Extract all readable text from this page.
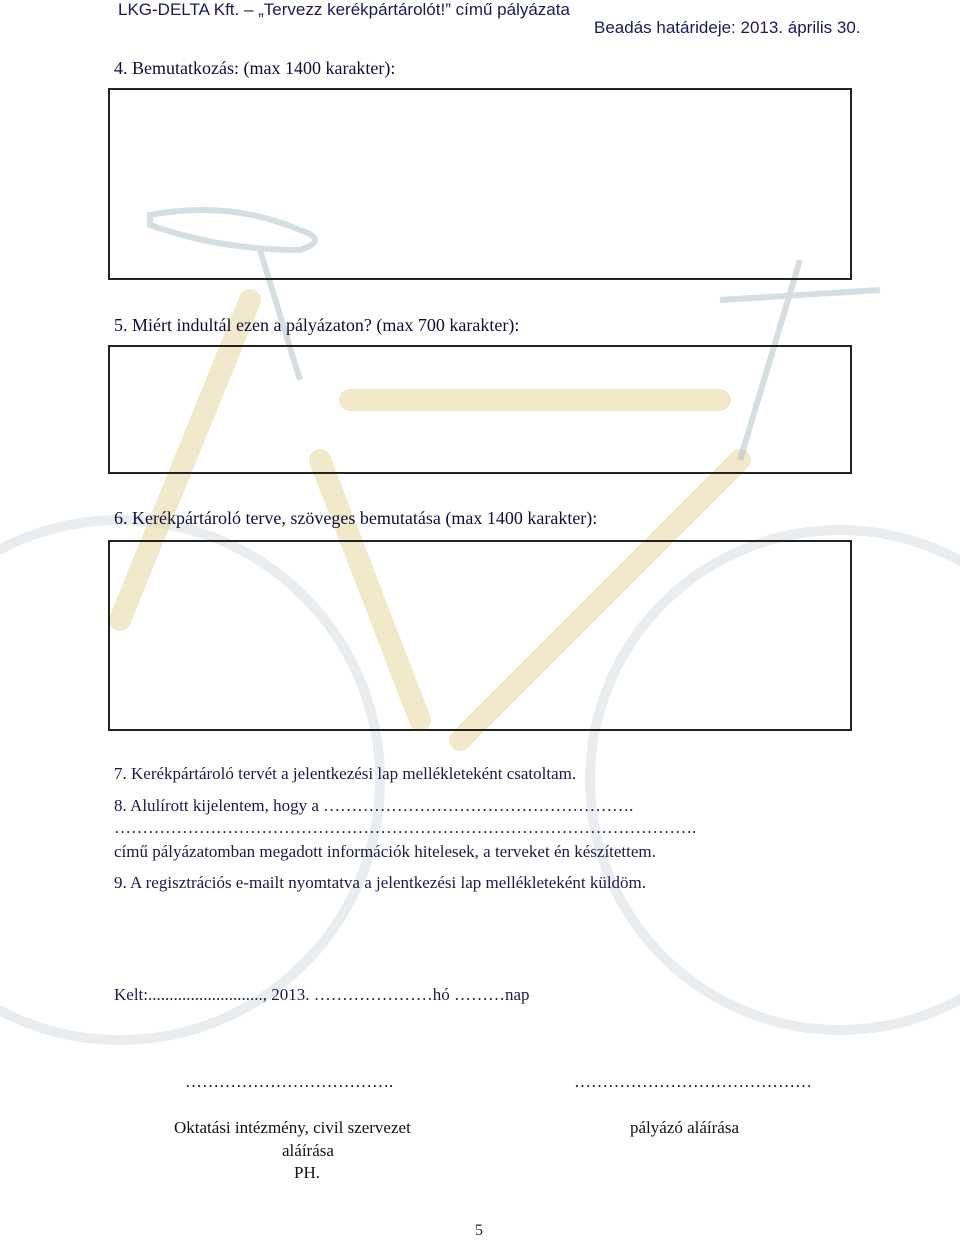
LKG-DELTA Kft. – „Tervezz kerékpártárolót!” című pályázata
Beadás határideje: 2013. április 30.
4. Bemutatkozás: (max 1400 karakter):
5. Miért indultál ezen a pályázaton? (max 700 karakter):
6. Kerékpártároló terve, szöveges bemutatása (max 1400 karakter):
7. Kerékpártároló tervét a jelentkezési lap mellékleteként csatoltam.
8. Alulírott kijelentem, hogy a ……………………………………………….
………………………………………………………………………………………….
című pályázatomban megadott információk hitelesek, a terveket én készítettem.
9. A regisztrációs e-mailt nyomtatva a jelentkezési lap mellékleteként küldöm.
Kelt:..........................., 2013. …………………hó ………nap
……………………………….	……………………………………
Oktatási intézmény, civil szervezet
aláírása
PH.
pályázó aláírása
5
